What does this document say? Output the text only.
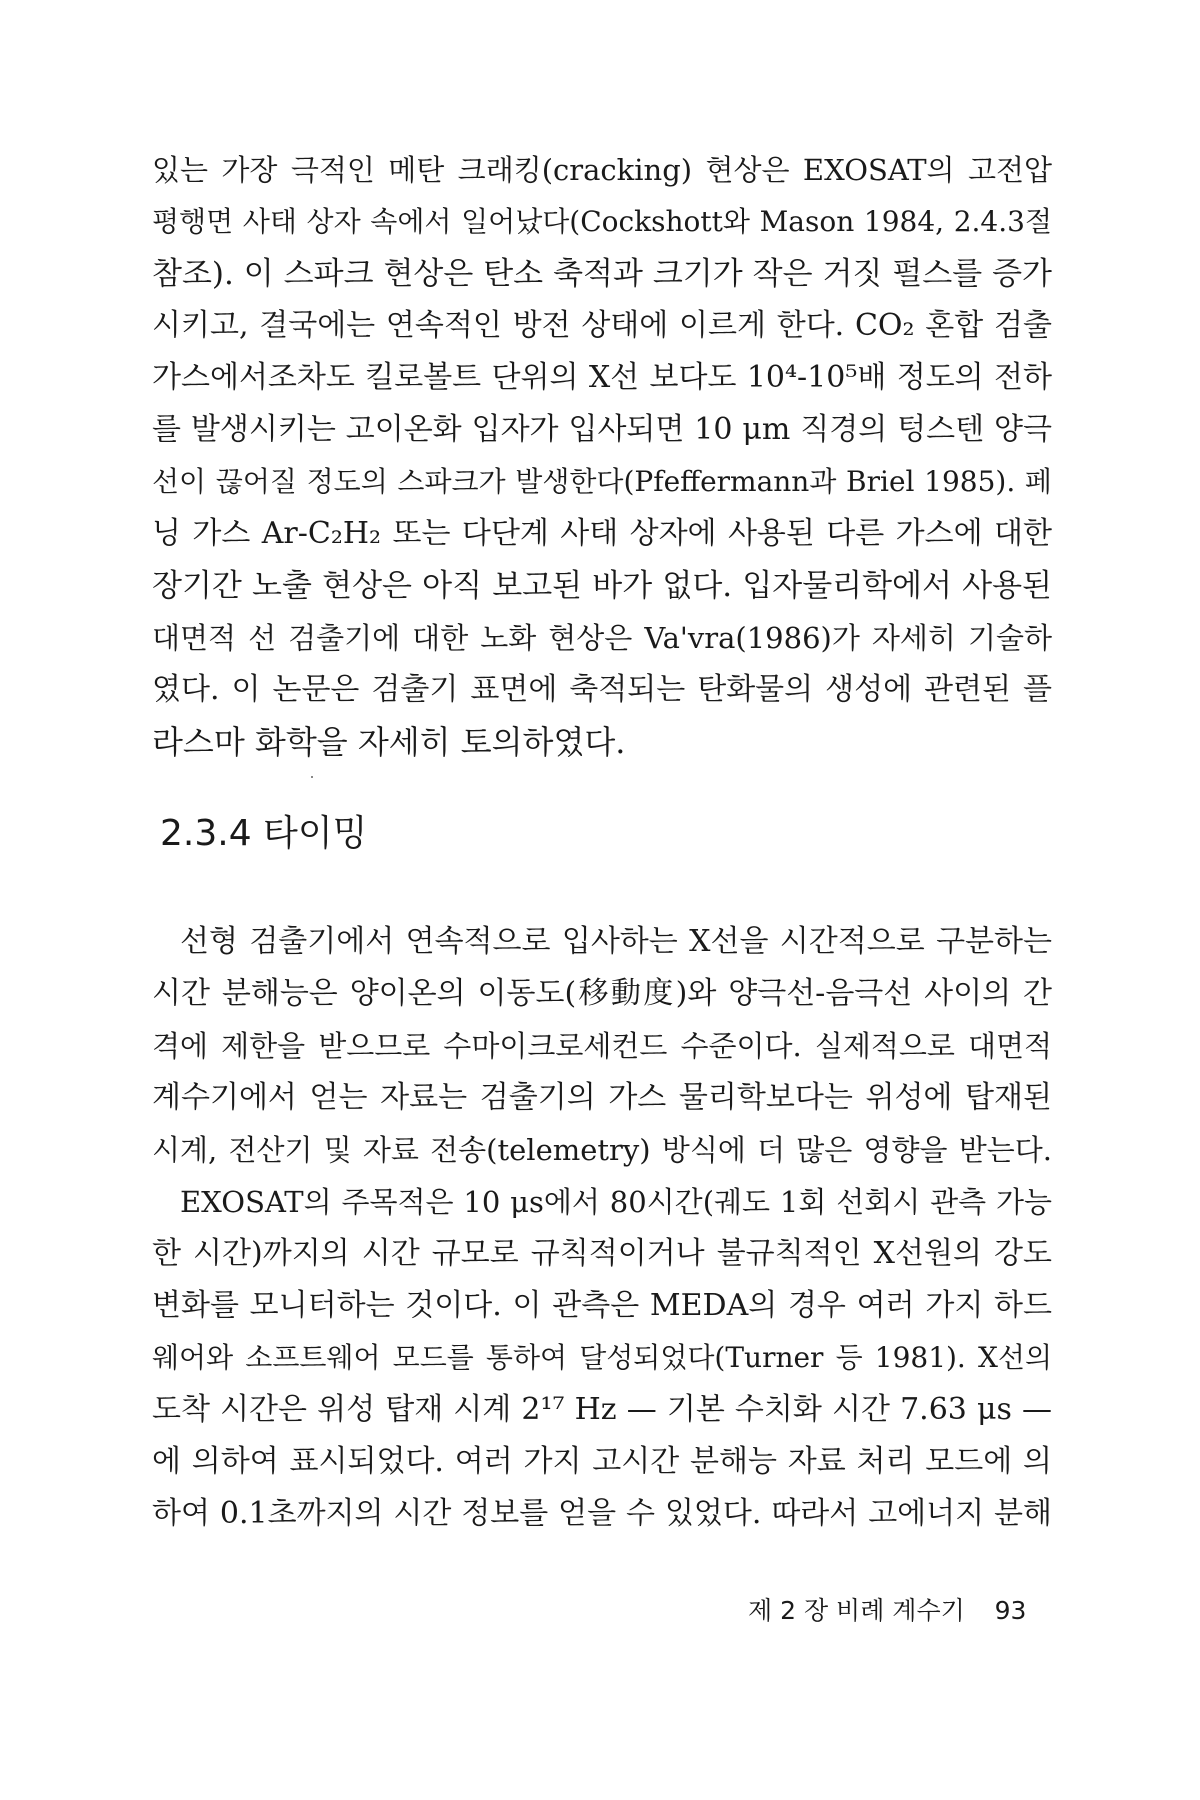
있는 가장 극적인 메탄 크래킹(cracking) 현상은 EXOSAT의 고전압
평행면 사태 상자 속에서 일어났다(Cockshott와 Mason 1984, 2.4.3절
참조). 이 스파크 현상은 탄소 축적과 크기가 작은 거짓 펄스를 증가
시키고, 결국에는 연속적인 방전 상태에 이르게 한다. CO₂ 혼합 검출
가스에서조차도 킬로볼트 단위의 X선 보다도 10⁴-10⁵배 정도의 전하
를 발생시키는 고이온화 입자가 입사되면 10 μm 직경의 텅스텐 양극
선이 끊어질 정도의 스파크가 발생한다(Pfeffermann과 Briel 1985). 페
닝 가스 Ar-C₂H₂ 또는 다단계 사태 상자에 사용된 다른 가스에 대한
장기간 노출 현상은 아직 보고된 바가 없다. 입자물리학에서 사용된
대면적 선 검출기에 대한 노화 현상은 Va'vra(1986)가 자세히 기술하
였다. 이 논문은 검출기 표면에 축적되는 탄화물의 생성에 관련된 플
라스마 화학을 자세히 토의하였다.
2.3.4 타이밍
선형 검출기에서 연속적으로 입사하는 X선을 시간적으로 구분하는
시간 분해능은 양이온의 이동도(移動度)와 양극선-음극선 사이의 간
격에 제한을 받으므로 수마이크로세컨드 수준이다. 실제적으로 대면적
계수기에서 얻는 자료는 검출기의 가스 물리학보다는 위성에 탑재된
시계, 전산기 및 자료 전송(telemetry) 방식에 더 많은 영향을 받는다.
EXOSAT의 주목적은 10 μs에서 80시간(궤도 1회 선회시 관측 가능
한 시간)까지의 시간 규모로 규칙적이거나 불규칙적인 X선원의 강도
변화를 모니터하는 것이다. 이 관측은 MEDA의 경우 여러 가지 하드
웨어와 소프트웨어 모드를 통하여 달성되었다(Turner 등 1981). X선의
도착 시간은 위성 탑재 시계 2¹⁷ Hz — 기본 수치화 시간 7.63 μs —
에 의하여 표시되었다. 여러 가지 고시간 분해능 자료 처리 모드에 의
하여 0.1초까지의 시간 정보를 얻을 수 있었다. 따라서 고에너지 분해
제 2 장 비례 계수기 93
